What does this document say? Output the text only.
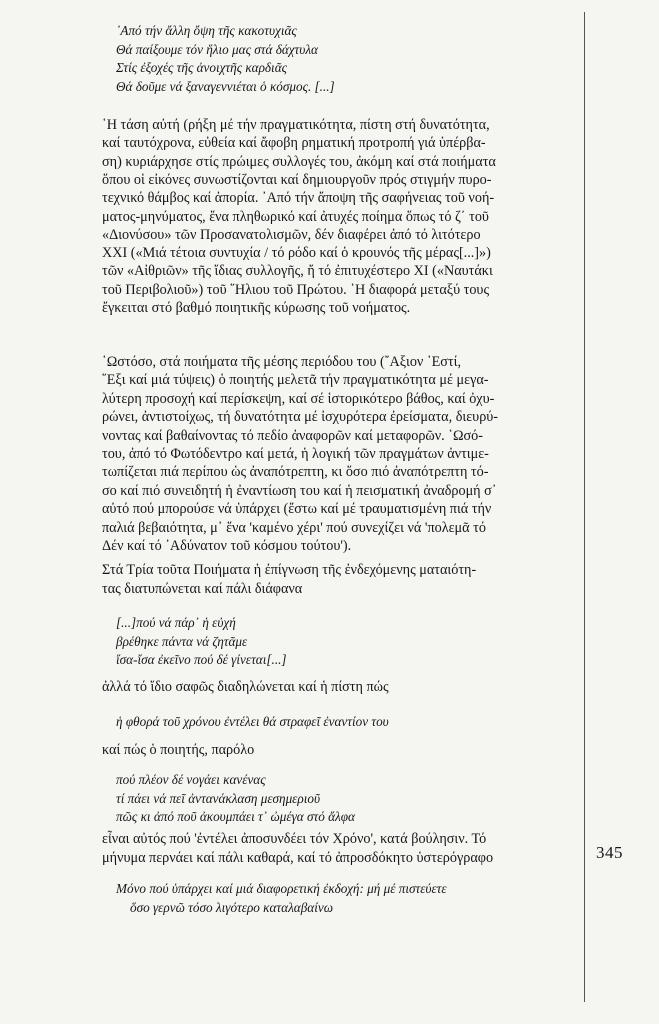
345
᾿Από τήν ἄλλη ὄψη τῆς κακοτυχιᾶς
Θά παίξουμε τόν ἥλιο μας στά δάχτυλα
Στίς ἐξοχές τῆς ἀνοιχτῆς καρδιᾶς
Θά δοῦμε νά ξαναγεννιέται ὁ κόσμος. [...]
῾Η τάση αὐτή (ρήξη μέ τήν πραγματικότητα, πίστη στή δυνατότητα,
καί ταυτόχρονα, εὐθεία καί ἄφοβη ρηματική προτροπή γιά ὑπέρβα-
ση) κυριάρχησε στίς πρώιμες συλλογές του, ἀκόμη καί στά ποιήματα
ὅπου οἱ εἰκόνες συνωστίζονται καί δημιουργοῦν πρός στιγμήν πυρο-
τεχνικό θάμβος καί ἀπορία. ᾿Από τήν ἄποψη τῆς σαφήνειας τοῦ νοή-
ματος-μηνύματος, ἕνα πληθωρικό καί ἀτυχές ποίημα ὅπως τό ζ΄ τοῦ
«Διονύσου» τῶν Προσανατολισμῶν, δέν διαφέρει ἀπό τό λιτότερο
XXI («Μιά τέτοια συντυχία / τό ρόδο καί ὁ κρουνός τῆς μέρας[...]»)
τῶν «Αἰθριῶν» τῆς ἴδιας συλλογῆς, ἤ τό ἐπιτυχέστερο XI («Ναυτάκι
τοῦ Περιβολιοῦ») τοῦ ῞Ηλιου τοῦ Πρώτου. ῾Η διαφορά μεταξύ τους
ἔγκειται στό βαθμό ποιητικῆς κύρωσης τοῦ νοήματος.
῾Ωστόσο, στά ποιήματα τῆς μέσης περιόδου του (῎Αξιον ᾿Εστί,
῞Εξι καί μιά τύψεις) ὁ ποιητής μελετᾶ τήν πραγματικότητα μέ μεγα-
λύτερη προσοχή καί περίσκεψη, καί σέ ἱστορικότερο βάθος, καί ὀχυ-
ρώνει, ἀντιστοίχως, τή δυνατότητα μέ ἰσχυρότερα ἐρείσματα, διευρύ-
νοντας καί βαθαίνοντας τό πεδίο ἀναφορῶν καί μεταφορῶν. ῾Ωσό-
του, ἀπό τό Φωτόδεντρο καί μετά, ἡ λογική τῶν πραγμάτων ἀντιμε-
τωπίζεται πιά περίπου ὡς ἀναπότρεπτη, κι ὅσο πιό ἀναπότρεπτη τό-
σο καί πιό συνειδητή ἡ ἐναντίωση του καί ἡ πεισματική ἀναδρομή σ᾿
αὐτό πού μπορούσε νά ὑπάρχει (ἔστω καί μέ τραυματισμένη πιά τήν
παλιά βεβαιότητα, μ᾿ ἕνα 'καμένο χέρι' πού συνεχίζει νά 'πολεμᾶ τό
Δέν καί τό ᾿Αδύνατον τοῦ κόσμου τούτου').
Στά Τρία τοῦτα Ποιήματα ἡ ἐπίγνωση τῆς ἐνδεχόμενης ματαιότη-
τας διατυπώνεται καί πάλι διάφανα
[...]πού νά πάρ᾿ ἡ εὐχή
βρέθηκε πάντα νά ζητᾶμε
ἴσα-ἴσα ἐκεῖνο πού δέ γίνεται[...]
ἀλλά τό ἴδιο σαφῶς διαδηλώνεται καί ἡ πίστη πώς
ἡ φθορά τοῦ χρόνου ἐντέλει θά στραφεῖ ἐναντίον του
καί πώς ὁ ποιητής, παρόλο
πού πλέον δέ νογάει κανένας
τί πάει νά πεῖ ἀντανάκλαση μεσημεριοῦ
πῶς κι ἀπό ποῦ ἀκουμπάει τ᾿ ὠμέγα στό ἄλφα
εἶναι αὐτός πού 'ἐντέλει ἀποσυνδέει τόν Χρόνο', κατά βούλησιν. Τό
μήνυμα περνάει καί πάλι καθαρά, καί τό ἀπροσδόκητο ὑστερόγραφο
Μόνο πού ὑπάρχει καί μιά διαφορετική ἐκδοχή: μή μέ πιστεύετε
ὅσο γερνῶ τόσο λιγότερο καταλαβαίνω
